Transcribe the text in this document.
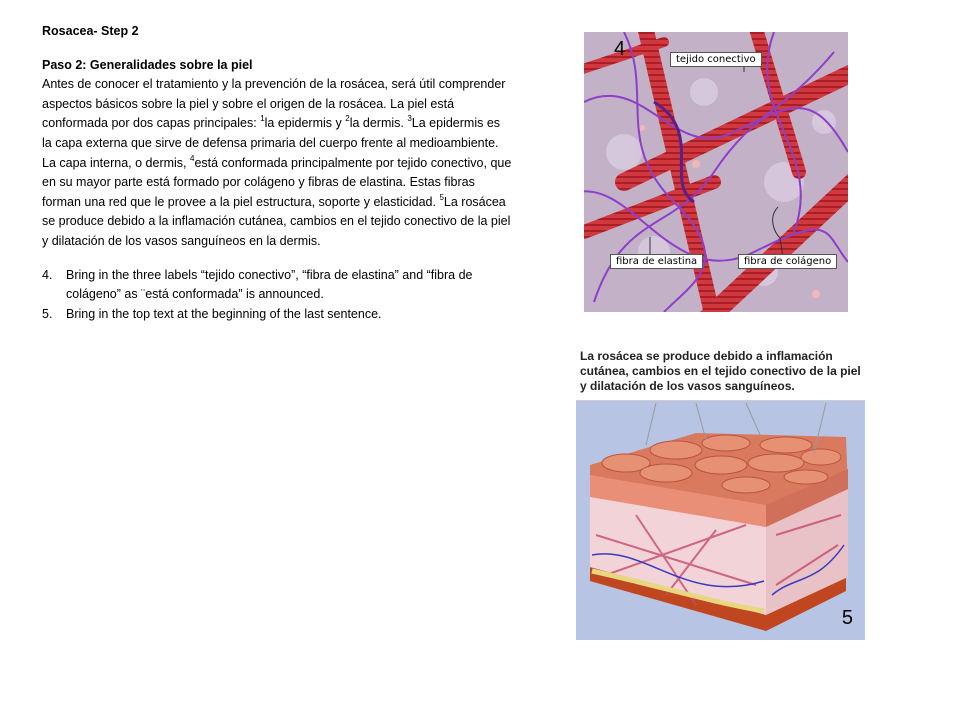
Rosacea- Step 2

Paso 2: Generalidades sobre la piel

Antes de conocer el tratamiento y la prevención de la rosácea, será útil comprender aspectos básicos sobre la piel y sobre el origen de la rosácea. La piel está conformada por dos capas principales: $^1$la epidermis y $^2$la dermis. $^3$La epidermis es la capa externa que sirve de defensa primaria del cuerpo frente al medioambiente. La capa interna, o dermis, $^4$está conformada principalmente por tejido conectivo, que en su mayor parte está formado por colágeno y fibras de elastina. Estas fibras forman una red que le provee a la piel estructura, soporte y elasticidad. $^5$La rosácea se produce debido a la inflamación cutánea, cambios en el tejido conectivo de la piel y dilatación de los vasos sanguíneos en la dermis.

4. Bring in the three labels “tejido conectivo”, “fibra de elastina” and “fibra de colágeno” as ¨está conformada” is announced.
5. Bring in the top text at the beginning of the last sentence.
4	tejido conectivo
fibra de elastina	fibra de colágeno
La rosácea se produce debido a inflamación cutánea, cambios en el tejido conectivo de la piel y dilatación de los vasos sanguíneos.
5
